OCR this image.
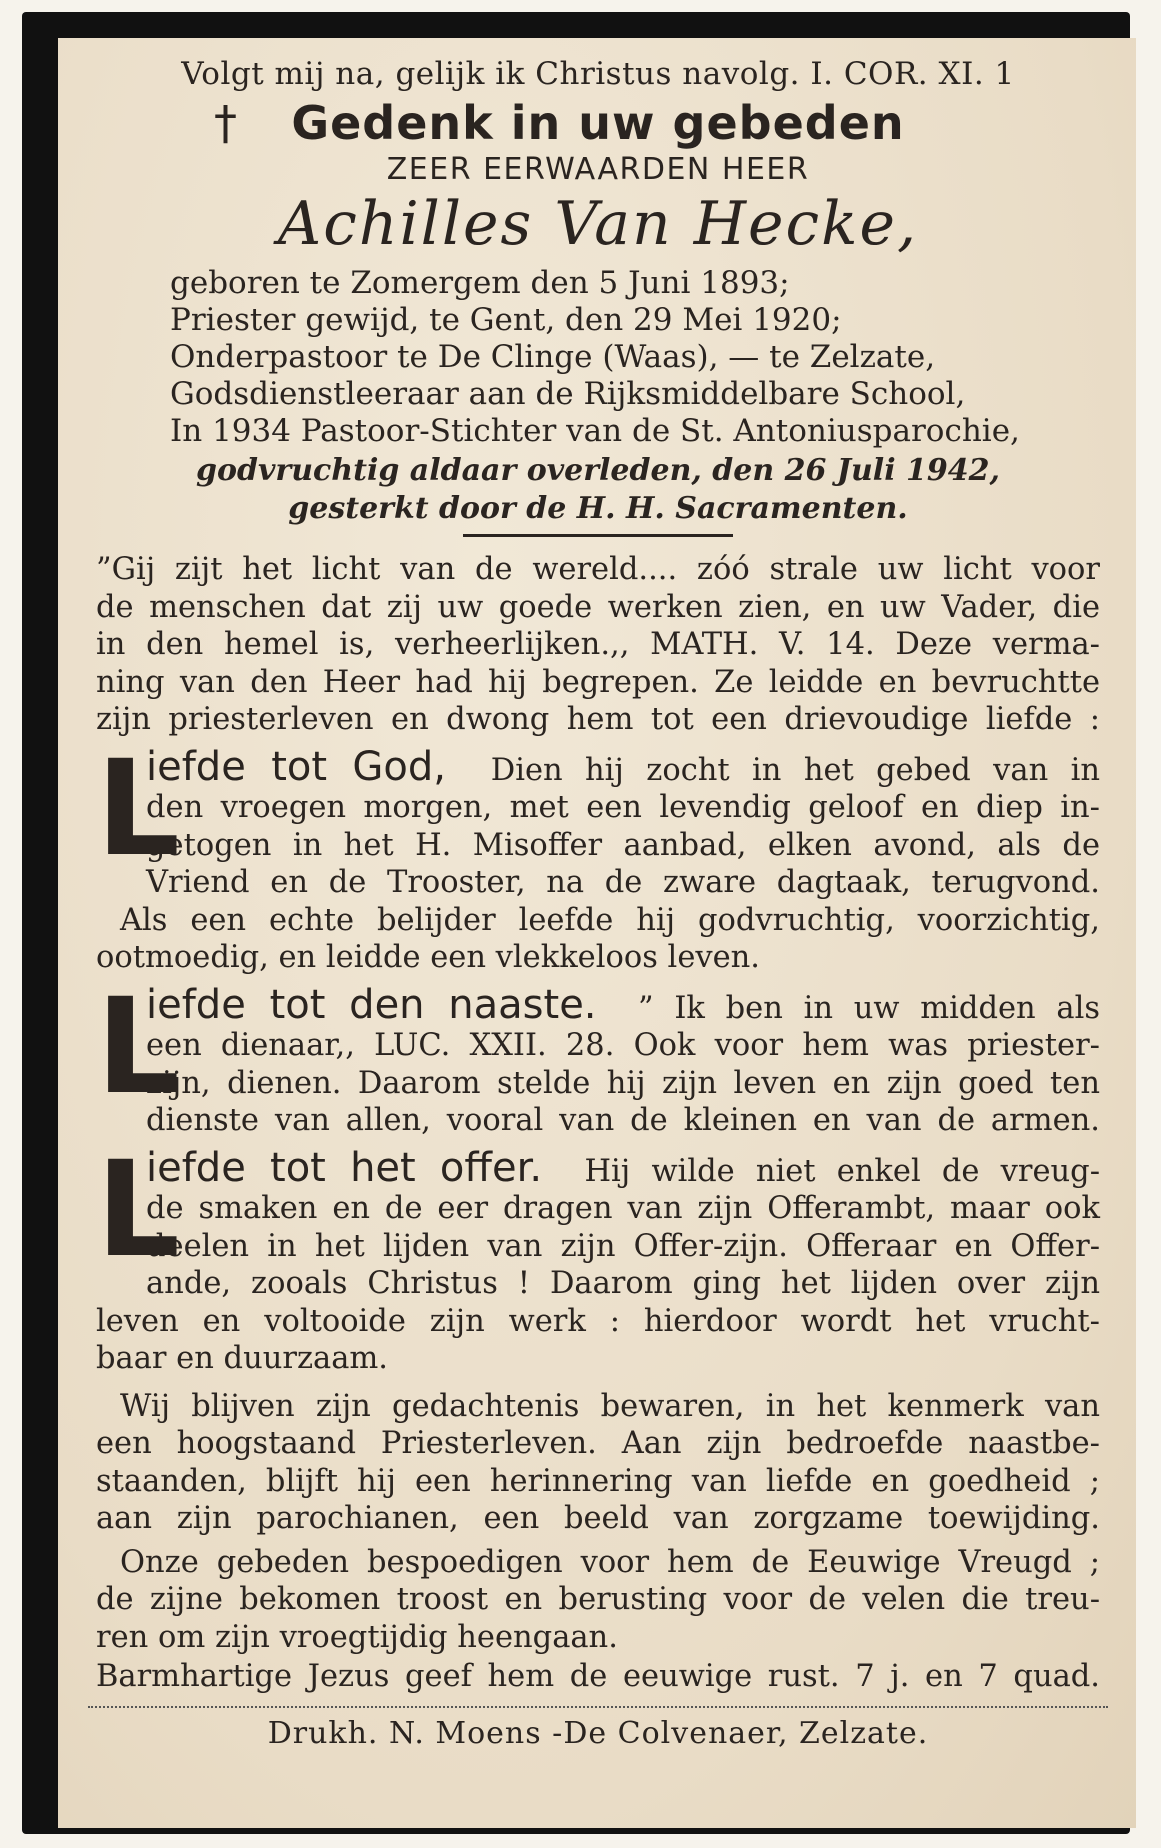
Volgt mij na, gelijk ik Christus navolg. I. COR. XI. 1
† Gedenk in uw gebeden
ZEER EERWAARDEN HEER
Achilles Van Hecke,
geboren te Zomergem den 5 Juni 1893;
Priester gewijd, te Gent, den 29 Mei 1920;
Onderpastoor te De Clinge (Waas), — te Zelzate,
Godsdienstleeraar aan de Rijksmiddelbare School,
In 1934 Pastoor-Stichter van de St. Antoniusparochie,
godvruchtig aldaar overleden, den 26 Juli 1942,
gesterkt door de H. H. Sacramenten.
”Gij zijt het licht van de wereld.... zóó strale uw licht voor
de menschen dat zij uw goede werken zien, en uw Vader, die
in den hemel is, verheerlijken.,, MATH. V. 14. Deze verma-
ning van den Heer had hij begrepen. Ze leidde en bevruchtte
zijn priesterleven en dwong hem tot een drievoudige liefde :
L
iefde tot God, Dien hij zocht in het gebed van in
den vroegen morgen, met een levendig geloof en diep in-
getogen in het H. Misoffer aanbad, elken avond, als de
Vriend en de Trooster, na de zware dagtaak, terugvond.
Als een echte belijder leefde hij godvruchtig, voorzichtig,
ootmoedig, en leidde een vlekkeloos leven.
L
iefde tot den naaste. ” Ik ben in uw midden als
een dienaar,, LUC. XXII. 28. Ook voor hem was priester-
zijn, dienen. Daarom stelde hij zijn leven en zijn goed ten
dienste van allen, vooral van de kleinen en van de armen.
L
iefde tot het offer. Hij wilde niet enkel de vreug-
de smaken en de eer dragen van zijn Offerambt, maar ook
deelen in het lijden van zijn Offer-zijn. Offeraar en Offer-
ande, zooals Christus ! Daarom ging het lijden over zijn
leven en voltooide zijn werk : hierdoor wordt het vrucht-
baar en duurzaam.
Wij blijven zijn gedachtenis bewaren, in het kenmerk van
een hoogstaand Priesterleven. Aan zijn bedroefde naastbe-
staanden, blijft hij een herinnering van liefde en goedheid ;
aan zijn parochianen, een beeld van zorgzame toewijding.
Onze gebeden bespoedigen voor hem de Eeuwige Vreugd ;
de zijne bekomen troost en berusting voor de velen die treu-
ren om zijn vroegtijdig heengaan.
Barmhartige Jezus geef hem de eeuwige rust. 7 j. en 7 quad.
Drukh. N. Moens -De Colvenaer, Zelzate.
